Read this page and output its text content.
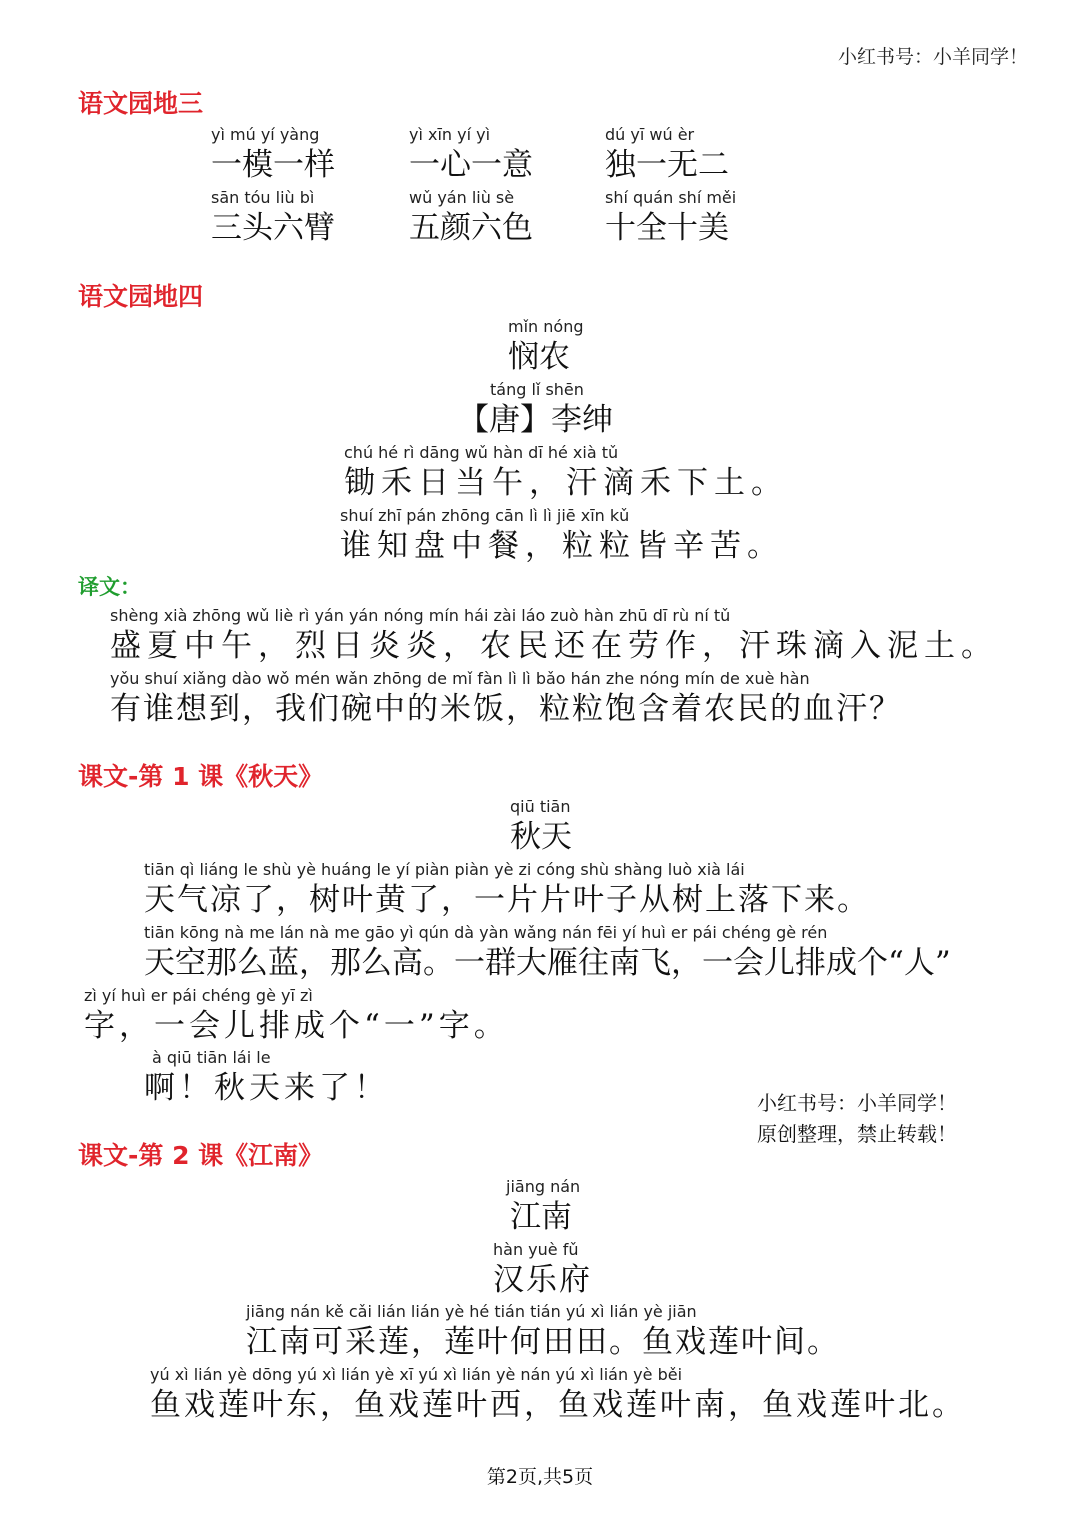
小红书号：小羊同学！
语文园地三
yì mú yí yàng
一模一样
yì xīn yí yì
一心一意
dú yī wú èr
独一无二
sān tóu liù bì
三头六臂
wǔ yán liù sè
五颜六色
shí quán shí měi
十全十美
语文园地四
mǐn nóng
悯农
táng lǐ shēn
【唐】李绅
chú hé rì dāng wǔ hàn dī hé xià tǔ
锄禾日当午，汗滴禾下土。
shuí zhī pán zhōng cān lì lì jiē xīn kǔ
谁知盘中餐，粒粒皆辛苦。
译文：
shèng xià zhōng wǔ liè rì yán yán nóng mín hái zài láo zuò hàn zhū dī rù ní tǔ
盛夏中午，烈日炎炎，农民还在劳作，汗珠滴入泥土。
yǒu shuí xiǎng dào wǒ mén wǎn zhōng de mǐ fàn lì lì bǎo hán zhe nóng mín de xuè hàn
有谁想到，我们碗中的米饭，粒粒饱含着农民的血汗？
课文-第 1 课《秋天》
qiū tiān
秋天
tiān qì liáng le shù yè huáng le yí piàn piàn yè zi cóng shù shàng luò xià lái
天气凉了，树叶黄了，一片片叶子从树上落下来。
tiān kōng nà me lán nà me gāo yì qún dà yàn wǎng nán fēi yí huì er pái chéng gè rén
天空那么蓝，那么高。一群大雁往南飞，一会儿排成个“人”
zì yí huì er pái chéng gè yī zì
字，一会儿排成个“一”字。
à qiū tiān lái le
啊！秋天来了！	小红书号：小羊同学！
原创整理，禁止转载！
课文-第 2 课《江南》
jiāng nán
江南
hàn yuè fǔ
汉乐府
jiāng nán kě cǎi lián lián yè hé tián tián yú xì lián yè jiān
江南可采莲，莲叶何田田。鱼戏莲叶间。
yú xì lián yè dōng yú xì lián yè xī yú xì lián yè nán yú xì lián yè běi
鱼戏莲叶东，鱼戏莲叶西，鱼戏莲叶南，鱼戏莲叶北。
第2页,共5页
